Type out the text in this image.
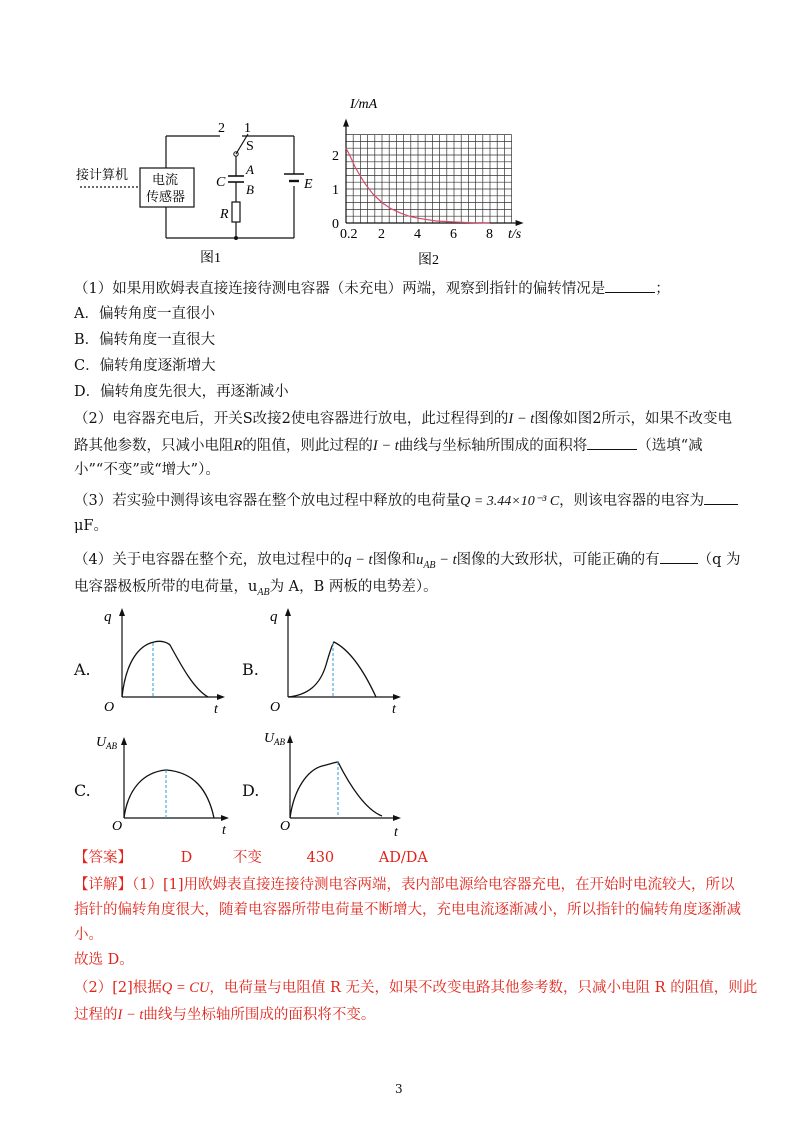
2 1
S
C
A
B
R
E
电流
传感器
接计算机
图1
2
1
0
0.2 2 4 6 8
I/mA
t/s
图2
（1）如果用欧姆表直接连接待测电容器（未充电）两端，观察到指针的偏转情况是	；
A．偏转角度一直很小
B．偏转角度一直很大
C．偏转角度逐渐增大
D．偏转角度先很大，再逐渐减小
（2）电容器充电后，开关S改接2使电容器进行放电，此过程得到的I − t图像如图2所示，如果不改变电
路其他参数，只减小电阻R的阻值，则此过程的I − t曲线与坐标轴所围成的面积将	（选填“减
小”“不变”或“增大”）。
（3）若实验中测得该电容器在整个放电过程中释放的电荷量Q = 3.44×10⁻³ C，则该电容器的电容为
μF。
（4）关于电容器在整个充，放电过程中的q − t图像和$u_{AB} - t$图像的大致形状，可能正确的有	（q 为
电容器极板所带的电荷量，$u_{AB}$为 A，B 两板的电势差）。
A.	B.
C.	D.
q
O	t
q
O	t
U AB
O	t
U AB
O	t
【答案】	D	不变	430	AD/DA
【详解】（1）[1]用欧姆表直接连接待测电容两端，表内部电源给电容器充电，在开始时电流较大，所以
指针的偏转角度很大，随着电容器所带电荷量不断增大，充电电流逐渐减小，所以指针的偏转角度逐渐减
小。
故选 D。
（2）[2]根据Q = CU，电荷量与电阻值 R 无关，如果不改变电路其他参考数，只减小电阻 R 的阻值，则此
过程的I − t曲线与坐标轴所围成的面积将不变。
3
